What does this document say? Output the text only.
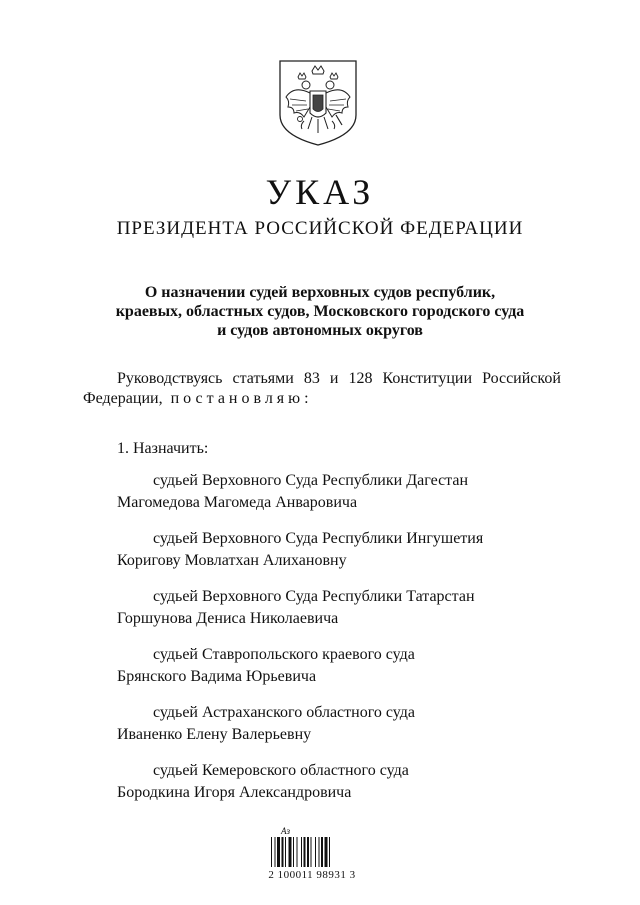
УКАЗ
ПРЕЗИДЕНТА РОССИЙСКОЙ ФЕДЕРАЦИИ
О назначении судей верховных судов республик,
краевых, областных судов, Московского городского суда
и судов автономных округов
Руководствуясь статьями 83 и 128 Конституции Российской
Федерации, постановляю:
1. Назначить:
судьей Верховного Суда Республики Дагестан
Магомедова Магомеда Анваровича
судьей Верховного Суда Республики Ингушетия
Коригову Мовлатхан Алихановну
судьей Верховного Суда Республики Татарстан
Горшунова Дениса Николаевича
судьей Ставропольского краевого суда
Брянского Вадима Юрьевича
судьей Астраханского областного суда
Иваненко Елену Валерьевну
судьей Кемеровского областного суда
Бородкина Игоря Александровича
Аз
2 100011 98931 3
